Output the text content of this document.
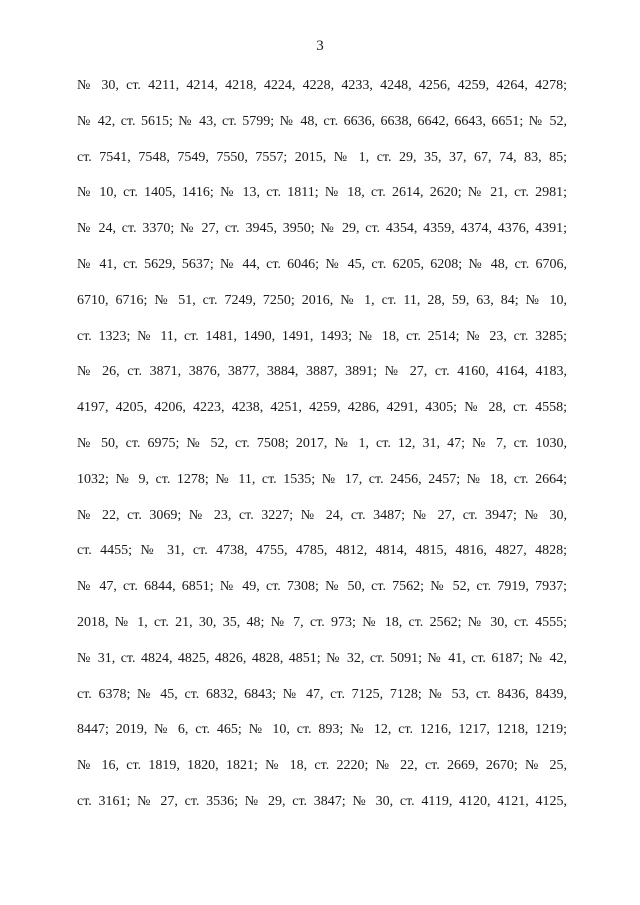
3

№ 30, ст. 4211, 4214, 4218, 4224, 4228, 4233, 4248, 4256, 4259, 4264, 4278;
№ 42, ст. 5615; № 43, ст. 5799; № 48, ст. 6636, 6638, 6642, 6643, 6651; № 52,
ст. 7541, 7548, 7549, 7550, 7557; 2015, № 1, ст. 29, 35, 37, 67, 74, 83, 85;
№ 10, ст. 1405, 1416; № 13, ст. 1811; № 18, ст. 2614, 2620; № 21, ст. 2981;
№ 24, ст. 3370; № 27, ст. 3945, 3950; № 29, ст. 4354, 4359, 4374, 4376, 4391;
№ 41, ст. 5629, 5637; № 44, ст. 6046; № 45, ст. 6205, 6208; № 48, ст. 6706,
6710, 6716; № 51, ст. 7249, 7250; 2016, № 1, ст. 11, 28, 59, 63, 84; № 10,
ст. 1323; № 11, ст. 1481, 1490, 1491, 1493; № 18, ст. 2514; № 23, ст. 3285;
№ 26, ст. 3871, 3876, 3877, 3884, 3887, 3891; № 27, ст. 4160, 4164, 4183,
4197, 4205, 4206, 4223, 4238, 4251, 4259, 4286, 4291, 4305; № 28, ст. 4558;
№ 50, ст. 6975; № 52, ст. 7508; 2017, № 1, ст. 12, 31, 47; № 7, ст. 1030,
1032; № 9, ст. 1278; № 11, ст. 1535; № 17, ст. 2456, 2457; № 18, ст. 2664;
№ 22, ст. 3069; № 23, ст. 3227; № 24, ст. 3487; № 27, ст. 3947; № 30,
ст. 4455; № 31, ст. 4738, 4755, 4785, 4812, 4814, 4815, 4816, 4827, 4828;
№ 47, ст. 6844, 6851; № 49, ст. 7308; № 50, ст. 7562; № 52, ст. 7919, 7937;
2018, № 1, ст. 21, 30, 35, 48; № 7, ст. 973; № 18, ст. 2562; № 30, ст. 4555;
№ 31, ст. 4824, 4825, 4826, 4828, 4851; № 32, ст. 5091; № 41, ст. 6187; № 42,
ст. 6378; № 45, ст. 6832, 6843; № 47, ст. 7125, 7128; № 53, ст. 8436, 8439,
8447; 2019, № 6, ст. 465; № 10, ст. 893; № 12, ст. 1216, 1217, 1218, 1219;
№ 16, ст. 1819, 1820, 1821; № 18, ст. 2220; № 22, ст. 2669, 2670; № 25,
ст. 3161; № 27, ст. 3536; № 29, ст. 3847; № 30, ст. 4119, 4120, 4121, 4125,
